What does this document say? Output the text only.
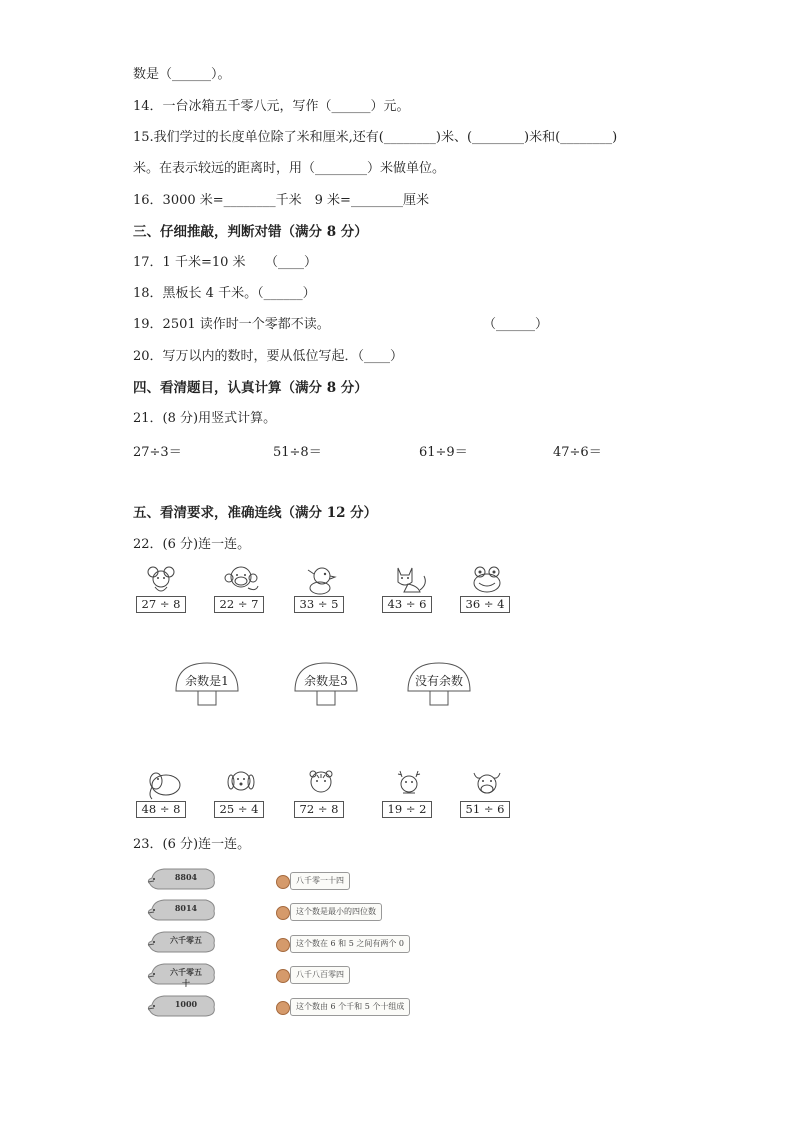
数是（______）。
14．一台冰箱五千零八元，写作（______）元。
15.我们学过的长度单位除了米和厘米,还有(________)米、(________)米和(________)
米。在表示较远的距离时，用（________）米做单位。
16．3000 米=________千米　9 米=________厘米
三、仔细推敲，判断对错（满分 8 分）
17．1 千米=10 米　　（____）
18．黑板长 4 千米。（______）
19．2501 读作时一个零都不读。	（______）
20．写万以内的数时，要从低位写起．（____）
四、看清题目，认真计算（满分 8 分）
21．(8 分)用竖式计算。
27÷3＝	51÷8＝	61÷9＝	47÷6＝
五、看清要求，准确连线（满分 12 分）
22．(6 分)连一连。
27 ÷ 8	22 ÷ 7	33 ÷ 5	43 ÷ 6	36 ÷ 4
余数是1	余数是3	没有余数
48 ÷ 8	25 ÷ 4	72 ÷ 8	19 ÷ 2	51 ÷ 6
23．(6 分)连一连。
8804
8014
六千零五
六千零五十
1000
八千零一十四
这个数是最小的四位数
这个数在 6 和 5 之间有两个 0
八千八百零四
这个数由 6 个千和 5 个十组成
